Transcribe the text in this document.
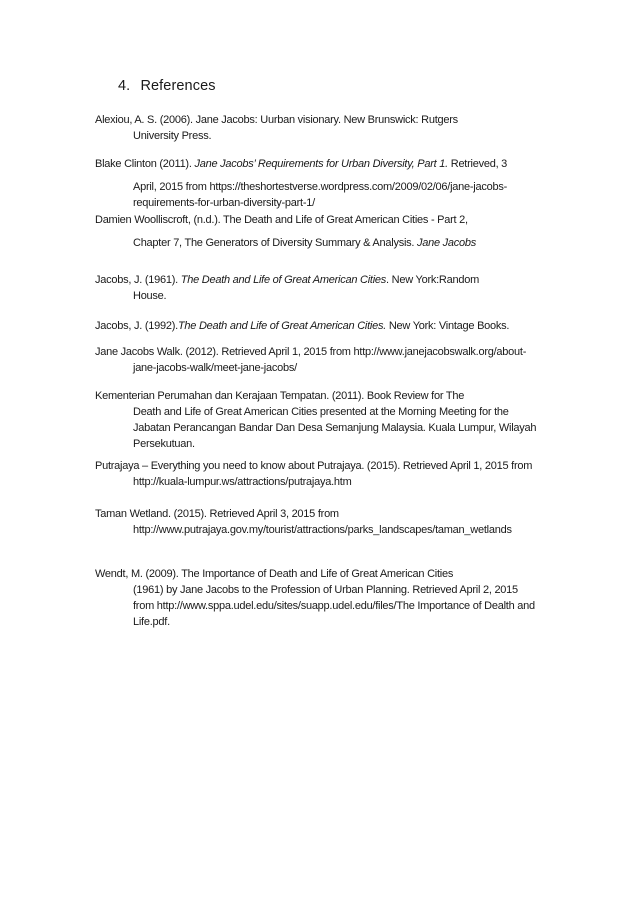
4. References
Alexiou, A. S. (2006). Jane Jacobs: Uurban visionary. New Brunswick: Rutgers
University Press.
Blake Clinton (2011). Jane Jacobs’ Requirements for Urban Diversity, Part 1. Retrieved, 3
April, 2015 from https://theshortestverse.wordpress.com/2009/02/06/jane-jacobs-
requirements-for-urban-diversity-part-1/
Damien Woolliscroft, (n.d.). The Death and Life of Great American Cities - Part 2,
Chapter 7, The Generators of Diversity Summary & Analysis. Jane Jacobs
Jacobs, J. (1961). The Death and Life of Great American Cities. New York:Random
House.
Jacobs, J. (1992).The Death and Life of Great American Cities. New York: Vintage Books.
Jane Jacobs Walk. (2012). Retrieved April 1, 2015 from http://www.janejacobswalk.org/about-
jane-jacobs-walk/meet-jane-jacobs/
Kementerian Perumahan dan Kerajaan Tempatan. (2011). Book Review for The
Death and Life of Great American Cities presented at the Morning Meeting for the
Jabatan Perancangan Bandar Dan Desa Semanjung Malaysia. Kuala Lumpur, Wilayah
Persekutuan.
Putrajaya – Everything you need to know about Putrajaya. (2015). Retrieved April 1, 2015 from
http://kuala-lumpur.ws/attractions/putrajaya.htm
Taman Wetland. (2015). Retrieved April 3, 2015 from
http://www.putrajaya.gov.my/tourist/attractions/parks_landscapes/taman_wetlands
Wendt, M. (2009). The Importance of Death and Life of Great American Cities
(1961) by Jane Jacobs to the Profession of Urban Planning. Retrieved April 2, 2015
from http://www.sppa.udel.edu/sites/suapp.udel.edu/files/The Importance of Dealth and
Life.pdf.
